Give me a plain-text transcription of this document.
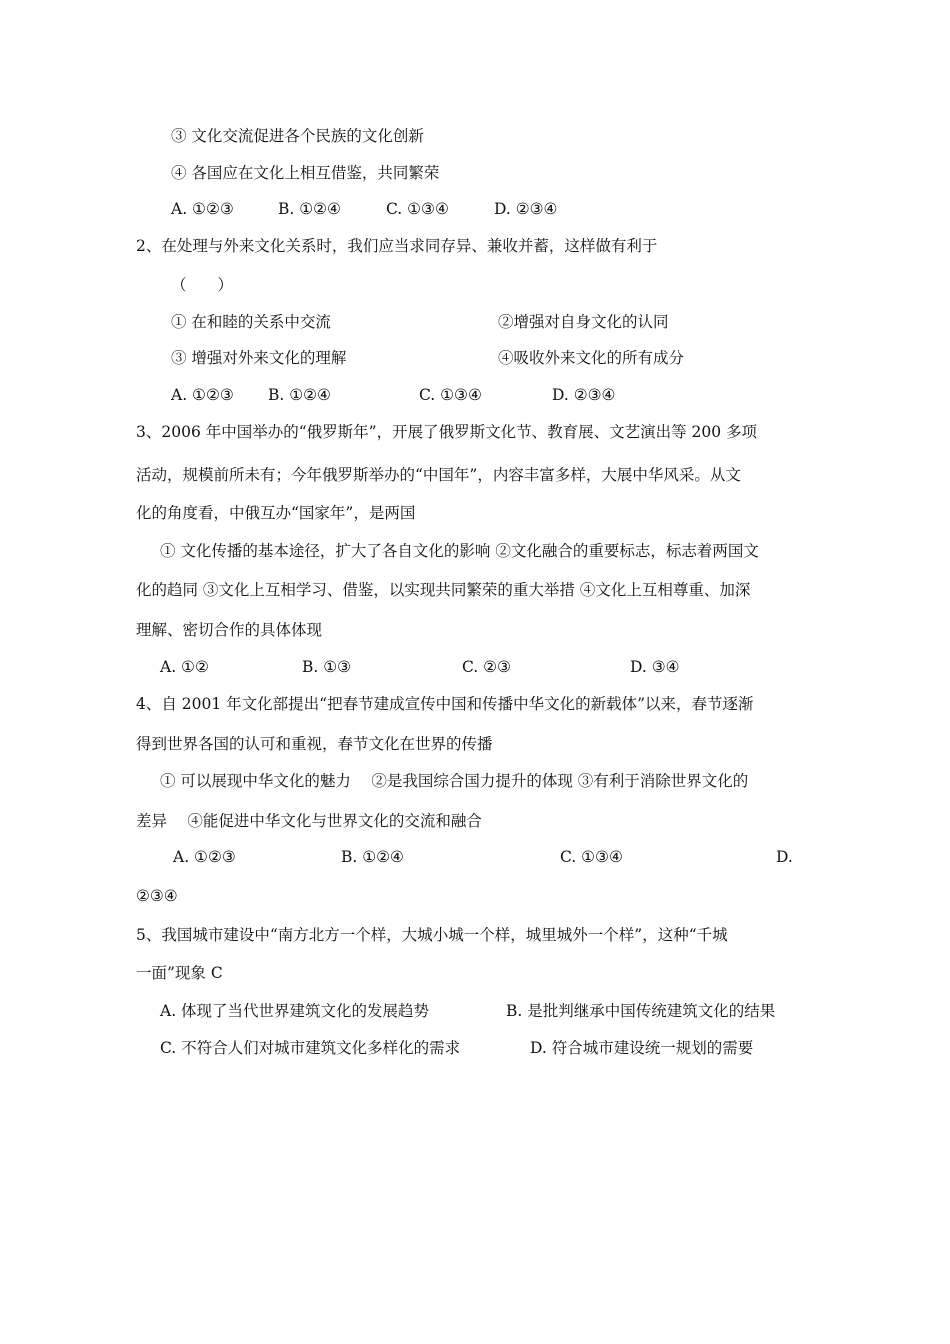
③ 文化交流促进各个民族的文化创新
④ 各国应在文化上相互借鉴，共同繁荣
A. ①②③	B. ①②④	C. ①③④	D. ②③④
2、在处理与外来文化关系时，我们应当求同存异、兼收并蓄，这样做有利于
（　　）
① 在和睦的关系中交流	②增强对自身文化的认同
③ 增强对外来文化的理解	④吸收外来文化的所有成分
A. ①②③ B. ①②④	C. ①③④	D. ②③④
3、2006 年中国举办的“俄罗斯年”，开展了俄罗斯文化节、教育展、文艺演出等 200 多项
活动，规模前所未有；今年俄罗斯举办的“中国年”，内容丰富多样，大展中华风采。从文
化的角度看，中俄互办“国家年”，是两国
① 文化传播的基本途径，扩大了各自文化的影响 ②文化融合的重要标志，标志着两国文
化的趋同 ③文化上互相学习、借鉴，以实现共同繁荣的重大举措 ④文化上互相尊重、加深
理解、密切合作的具体体现
A. ①②	B. ①③	C. ②③	D. ③④
4、自 2001 年文化部提出“把春节建成宣传中国和传播中华文化的新载体”以来，春节逐渐
得到世界各国的认可和重视，春节文化在世界的传播
① 可以展现中华文化的魅力 　②是我国综合国力提升的体现 ③有利于消除世界文化的
差异 　④能促进中华文化与世界文化的交流和融合
A. ①②③	B. ①②④	C. ①③④	D.
②③④
5、我国城市建设中“南方北方一个样，大城小城一个样，城里城外一个样”，这种“千城
一面”现象 C
A. 体现了当代世界建筑文化的发展趋势	B. 是批判继承中国传统建筑文化的结果
C. 不符合人们对城市建筑文化多样化的需求	D. 符合城市建设统一规划的需要
